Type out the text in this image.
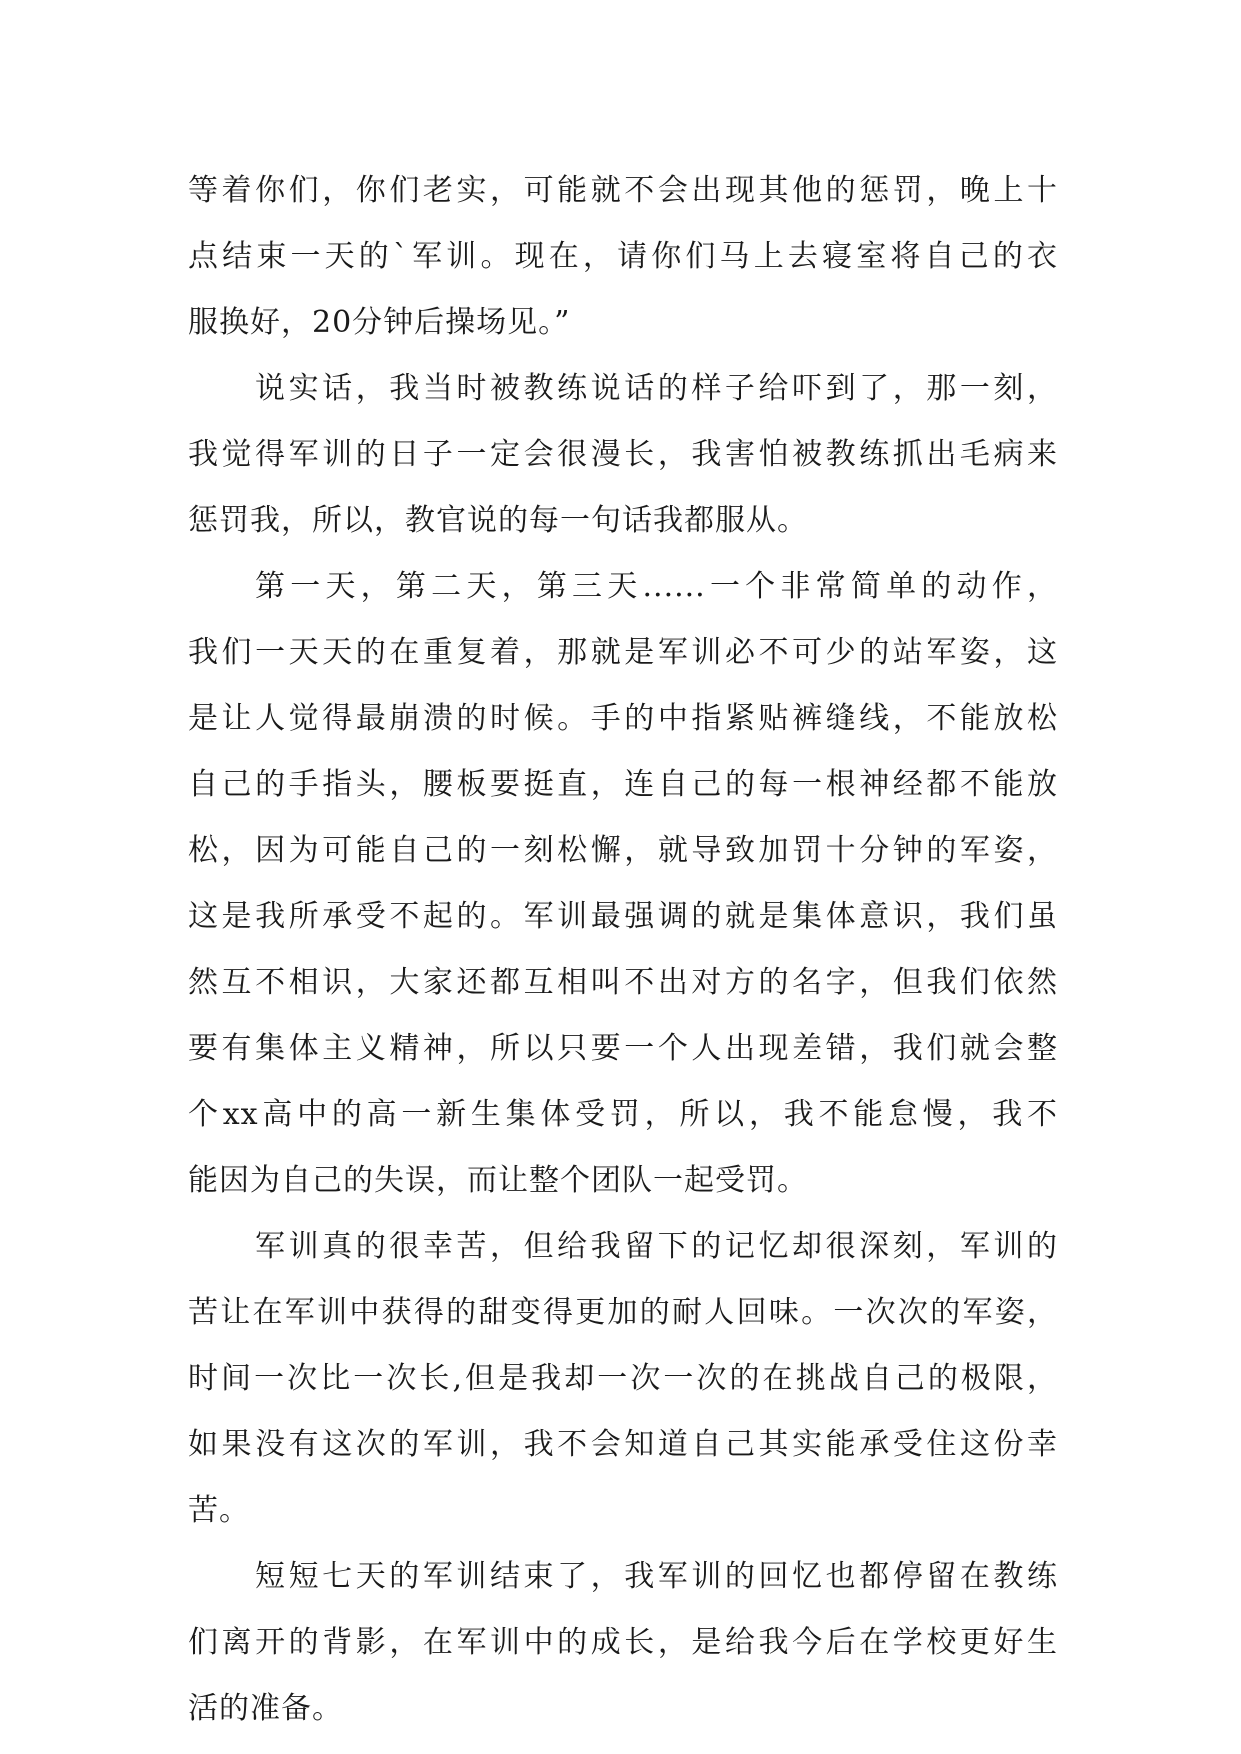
等着你们，你们老实，可能就不会出现其他的惩罚，晚上十
点结束一天的`军训。现在，请你们马上去寝室将自己的衣
服换好，20分钟后操场见。”
说实话，我当时被教练说话的样子给吓到了，那一刻，
我觉得军训的日子一定会很漫长，我害怕被教练抓出毛病来
惩罚我，所以，教官说的每一句话我都服从。
第一天，第二天，第三天......一个非常简单的动作，
我们一天天的在重复着，那就是军训必不可少的站军姿，这
是让人觉得最崩溃的时候。手的中指紧贴裤缝线，不能放松
自己的手指头，腰板要挺直，连自己的每一根神经都不能放
松，因为可能自己的一刻松懈，就导致加罚十分钟的军姿，
这是我所承受不起的。军训最强调的就是集体意识，我们虽
然互不相识，大家还都互相叫不出对方的名字，但我们依然
要有集体主义精神，所以只要一个人出现差错，我们就会整
个xx高中的高一新生集体受罚，所以，我不能怠慢，我不
能因为自己的失误，而让整个团队一起受罚。
军训真的很幸苦，但给我留下的记忆却很深刻，军训的
苦让在军训中获得的甜变得更加的耐人回味。一次次的军姿，
时间一次比一次长,但是我却一次一次的在挑战自己的极限，
如果没有这次的军训，我不会知道自己其实能承受住这份幸
苦。
短短七天的军训结束了，我军训的回忆也都停留在教练
们离开的背影，在军训中的成长，是给我今后在学校更好生
活的准备。
